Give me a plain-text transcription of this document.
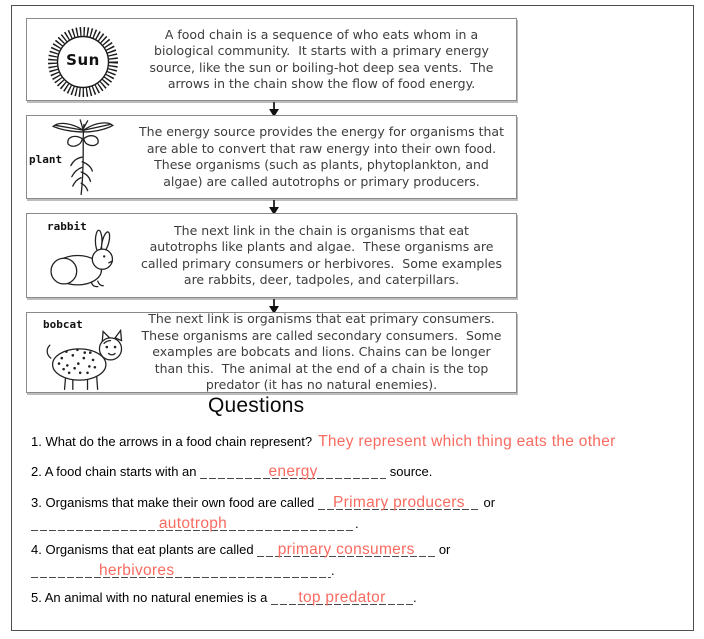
Sun
A food chain is a sequence of who eats whom in a biological community.  It starts with a primary energy source, like the sun or boiling-hot deep sea vents.  The arrows in the chain show the flow of food energy.
plant
The energy source provides the energy for organisms that are able to convert that raw energy into their own food.  These organisms (such as plants, phytoplankton, and algae) are called autotrophs or primary producers.
rabbit	The next link in the chain is organisms that eat autotrophs like plants and algae.  These organisms are called primary consumers or herbivores.  Some examples are rabbits, deer, tadpoles, and caterpillars.
bobcat	The next link is organisms that eat primary consumers.  These organisms are called secondary consumers.  Some examples are bobcats and lions. Chains can be longer than this.  The animal at the end of a chain is the top predator (it has no natural enemies).
Questions
1. What do the arrows in a food chain represent? They represent which thing eats the other
2. A food chain starts with an	energy	source.
3. Organisms that make their own food are called Primary producers or
autotroph	.
4. Organisms that eat plants are called primary consumers or
herbivores	.
5. An animal with no natural enemies is a top predator .
